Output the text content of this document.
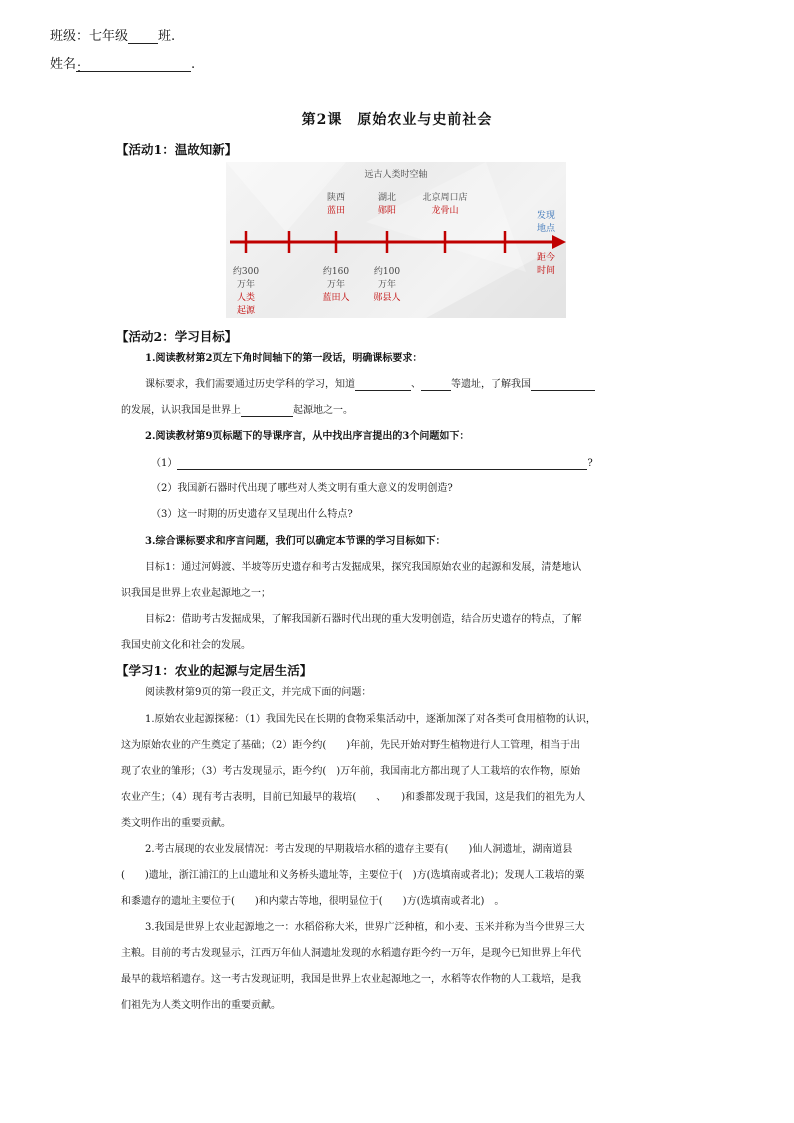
班级：七年级 班.
姓名：	.
第2课　原始农业与史前社会
【活动1：温故知新】
远古人类时空轴
陕西
蓝田
湖北
郧阳
北京周口店
龙骨山	发现
地点
距今
时间
约300
万年
人类
起源
约160
万年
蓝田人
约100
万年
郧县人
【活动2：学习目标】
1.阅读教材第2页左下角时间轴下的第一段话，明确课标要求：
课标要求，我们需要通过历史学科的学习，知道	、	等遗址，了解我国
的发展，认识我国是世界上	起源地之一。
2.阅读教材第9页标题下的导课序言，从中找出序言提出的3个问题如下：
（1）	?
（2）我国新石器时代出现了哪些对人类文明有重大意义的发明创造?
（3）这一时期的历史遗存又呈现出什么特点?
3.综合课标要求和序言问题，我们可以确定本节课的学习目标如下：
目标1：通过河姆渡、半坡等历史遗存和考古发掘成果，探究我国原始农业的起源和发展，清楚地认
识我国是世界上农业起源地之一；
目标2：借助考古发掘成果，了解我国新石器时代出现的重大发明创造，结合历史遗存的特点，了解
我国史前文化和社会的发展。
【学习1：农业的起源与定居生活】
阅读教材第9页的第一段正文，并完成下面的问题：
1.原始农业起源探秘：（1）我国先民在长期的食物采集活动中，逐渐加深了对各类可食用植物的认识，
这为原始农业的产生奠定了基础；（2）距今约(　　)年前，先民开始对野生植物进行人工管理，相当于出
现了农业的雏形；（3）考古发现显示，距今约(　)万年前，我国南北方都出现了人工栽培的农作物，原始
农业产生；（4）现有考古表明，目前已知最早的栽培(　　、　　)和黍都发现于我国，这是我们的祖先为人
类文明作出的重要贡献。
2.考古展现的农业发展情况：考古发现的早期栽培水稻的遗存主要有(　　)仙人洞遗址，湖南道县
(　　)遗址，浙江浦江的上山遗址和义务桥头遗址等，主要位于(　)方(选填南或者北)；发现人工栽培的粟
和黍遗存的遗址主要位于(　　)和内蒙古等地，很明显位于(　　)方(选填南或者北)　。
3.我国是世界上农业起源地之一：水稻俗称大米，世界广泛种植，和小麦、玉米并称为当今世界三大
主粮。目前的考古发现显示，江西万年仙人洞遗址发现的水稻遗存距今约一万年，是现今已知世界上年代
最早的栽培稻遗存。这一考古发现证明，我国是世界上农业起源地之一，水稻等农作物的人工栽培，是我
们祖先为人类文明作出的重要贡献。
